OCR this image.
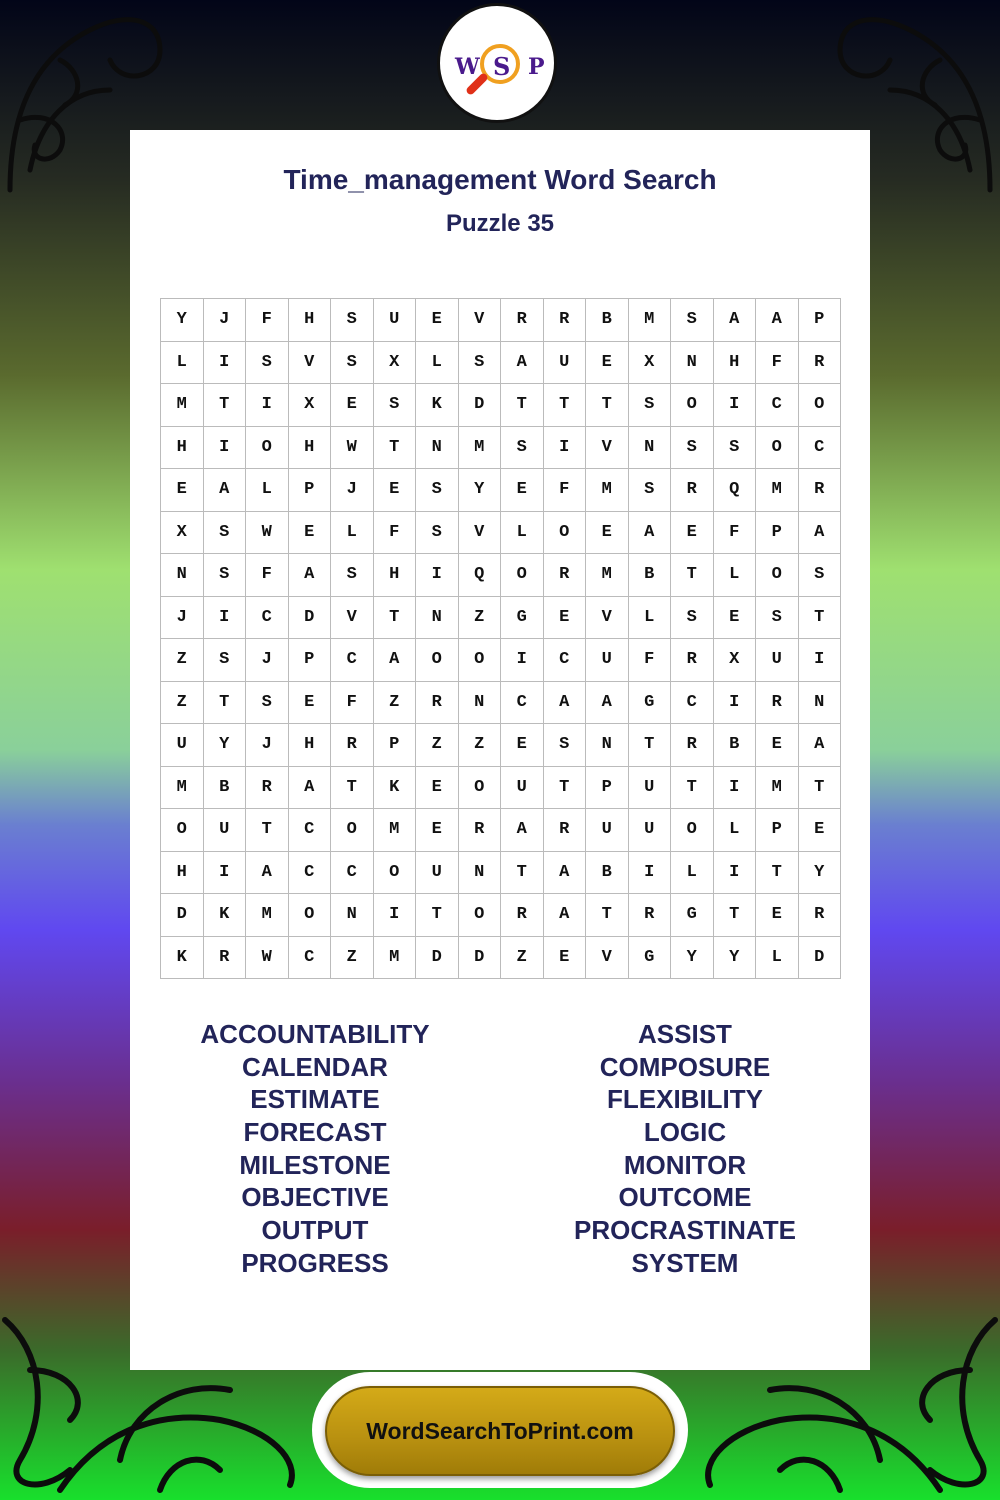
W S P
Time_management Word Search
Puzzle 35
Y	J	F	H	S	U	E	V	R	R	B	M	S	A	A	P
L	I	S	V	S	X	L	S	A	U	E	X	N	H	F	R
M	T	I	X	E	S	K	D	T	T	T	S	O	I	C	O
H	I	O	H	W	T	N	M	S	I	V	N	S	S	O	C
E	A	L	P	J	E	S	Y	E	F	M	S	R	Q	M	R
X	S	W	E	L	F	S	V	L	O	E	A	E	F	P	A
N	S	F	A	S	H	I	Q	O	R	M	B	T	L	O	S
J	I	C	D	V	T	N	Z	G	E	V	L	S	E	S	T
Z	S	J	P	C	A	O	O	I	C	U	F	R	X	U	I
Z	T	S	E	F	Z	R	N	C	A	A	G	C	I	R	N
U	Y	J	H	R	P	Z	Z	E	S	N	T	R	B	E	A
M	B	R	A	T	K	E	O	U	T	P	U	T	I	M	T
O	U	T	C	O	M	E	R	A	R	U	U	O	L	P	E
H	I	A	C	C	O	U	N	T	A	B	I	L	I	T	Y
D	K	M	O	N	I	T	O	R	A	T	R	G	T	E	R
K	R	W	C	Z	M	D	D	Z	E	V	G	Y	Y	L	D
ACCOUNTABILITY
CALENDAR
ESTIMATE
FORECAST
MILESTONE
OBJECTIVE
OUTPUT
PROGRESS
ASSIST
COMPOSURE
FLEXIBILITY
LOGIC
MONITOR
OUTCOME
PROCRASTINATE
SYSTEM
WordSearchToPrint.com
